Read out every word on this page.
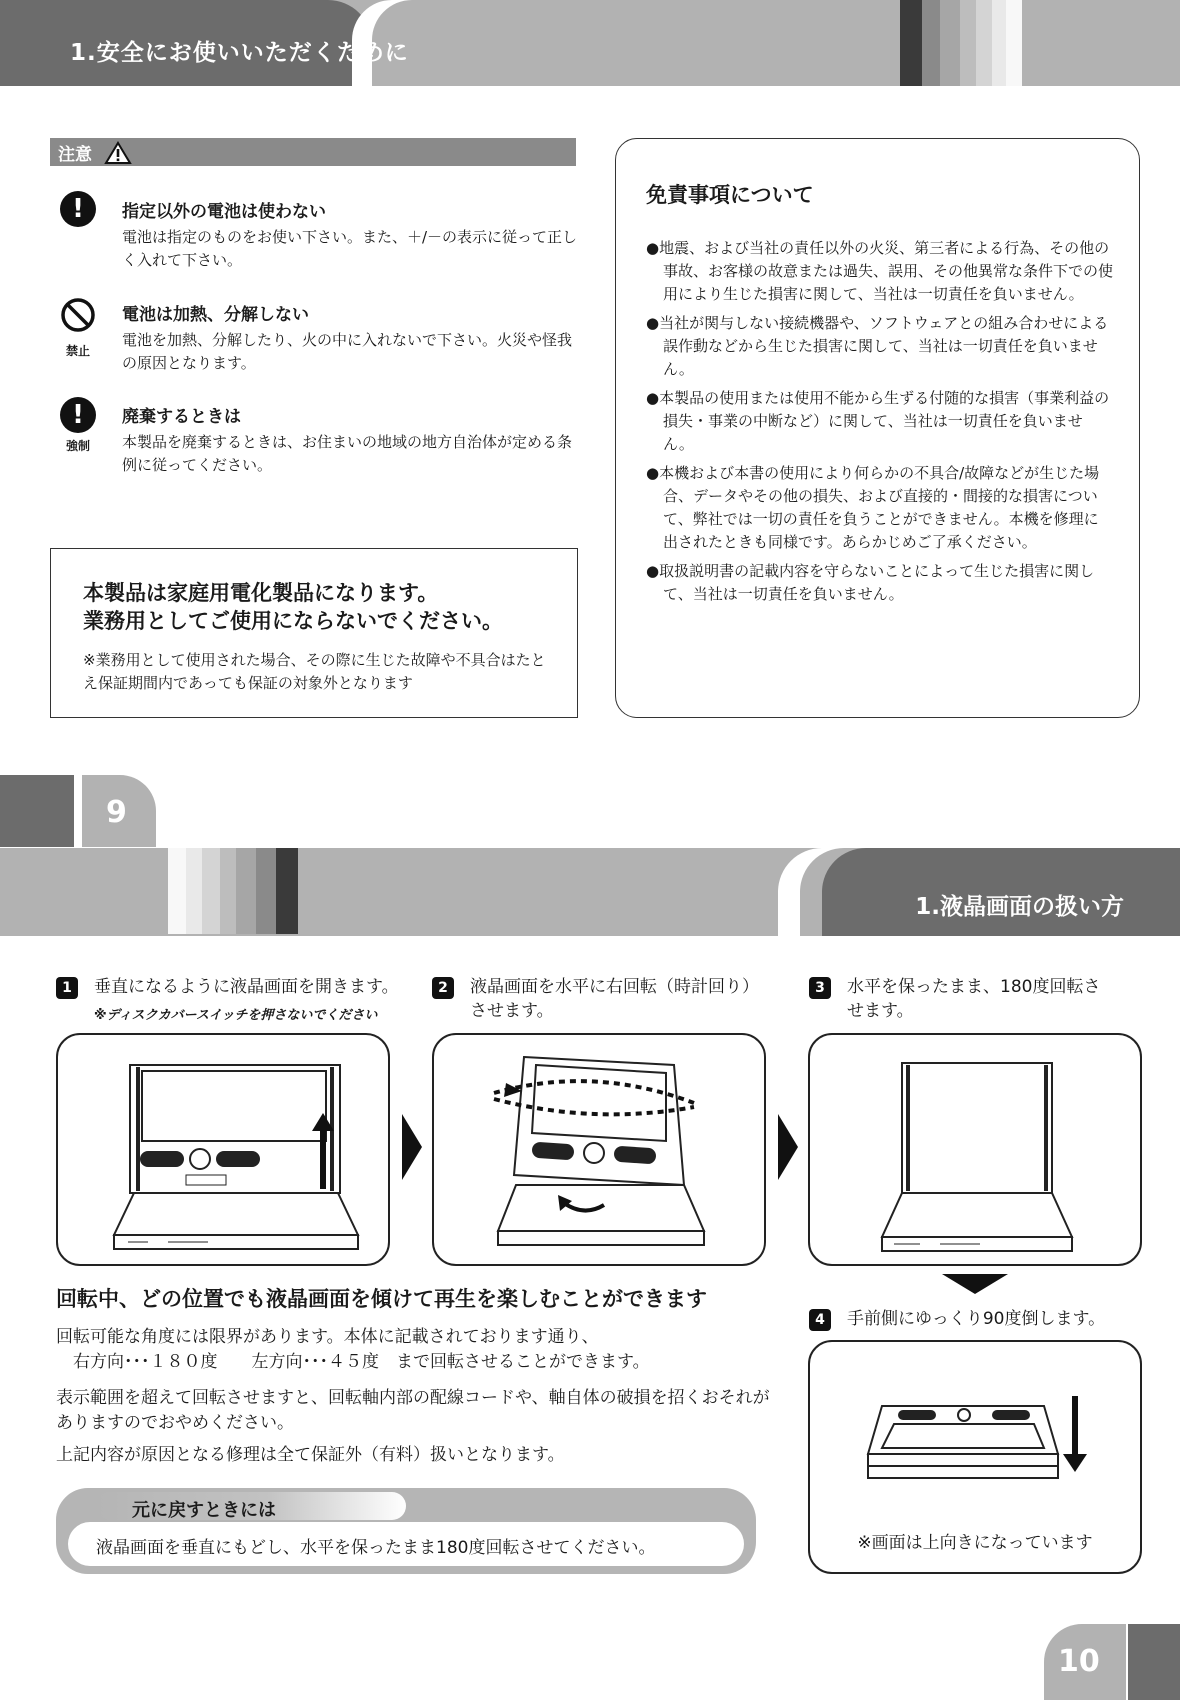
1.安全にお使いいただくために
注意
!	指定以外の電池は使わない
電池は指定のものをお使い下さい。また、＋/－の表示に従って正しく入れて下さい。
禁止
電池は加熱、分解しない
電池を加熱、分解したり、火の中に入れないで下さい。火災や怪我の原因となります。
!
強制
廃棄するときは
本製品を廃棄するときは、お住まいの地域の地方自治体が定める条例に従ってください。
本製品は家庭用電化製品になります。
業務用としてご使用にならないでください。
※業務用として使用された場合、その際に生じた故障や不具合はたとえ保証期間内であっても保証の対象外となります
免責事項について
●地震、および当社の責任以外の火災、第三者による行為、その他の事故、お客様の故意または過失、誤用、その他異常な条件下での使用により生じた損害に関して、当社は一切責任を負いません。
●当社が関与しない接続機器や、ソフトウェアとの組み合わせによる誤作動などから生じた損害に関して、当社は一切責任を負いません。
●本製品の使用または使用不能から生ずる付随的な損害（事業利益の損失・事業の中断など）に関して、当社は一切責任を負いません。
●本機および本書の使用により何らかの不具合/故障などが生じた場合、データやその他の損失、および直接的・間接的な損害について、弊社では一切の責任を負うことができません。本機を修理に出されたときも同様です。あらかじめご了承ください。
●取扱説明書の記載内容を守らないことによって生じた損害に関して、当社は一切責任を負いません。
9
1.液晶画面の扱い方
1	垂直になるように液晶画面を開きます。
※ディスクカバースイッチを押さないでください
2	液晶画面を水平に右回転（時計回り）
させます。
3	水平を保ったまま、180度回転さ
せます。
4	手前側にゆっくり90度倒します。
※画面は上向きになっています
回転中、どの位置でも液晶画面を傾けて再生を楽しむことができます
回転可能な角度には限界があります。本体に記載されております通り、
　右方向･･･１８０度　　左方向･･･４５度　まで回転させることができます。
表示範囲を超えて回転させますと、回転軸内部の配線コードや、軸自体の破損を招くおそれがありますのでおやめください。
上記内容が原因となる修理は全て保証外（有料）扱いとなります。
元に戻すときには
液晶画面を垂直にもどし、水平を保ったまま180度回転させてください。
10
